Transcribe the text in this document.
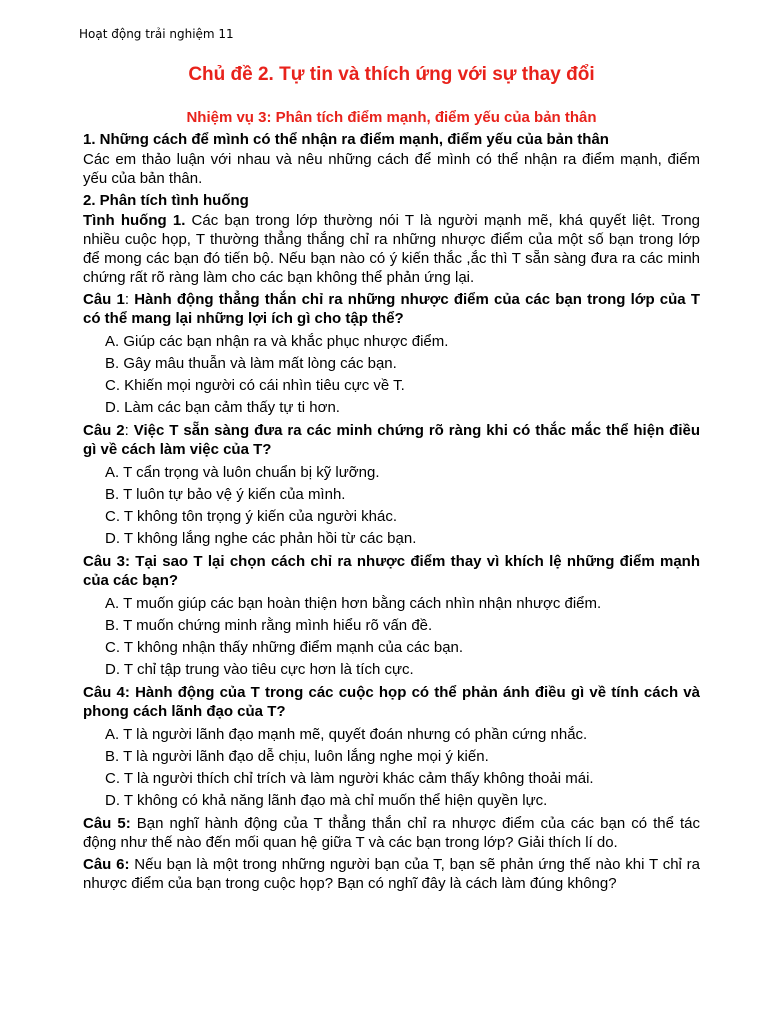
Hoạt động trải nghiệm 11
Chủ đề 2. Tự tin và thích ứng với sự thay đổi
Nhiệm vụ 3: Phân tích điểm mạnh, điểm yếu của bản thân
1. Những cách để mình có thể nhận ra điểm mạnh, điểm yếu của bản thân
Các em thảo luận với nhau và nêu những cách để mình có thể nhận ra điểm mạnh, điểm yếu của bản thân.
2. Phân tích tình huống
Tình huống 1. Các bạn trong lớp thường nói T là người mạnh mẽ, khá quyết liệt. Trong nhiều cuộc họp, T thường thẳng thắng chỉ ra những nhược điểm của một số bạn trong lớp để mong các bạn đó tiến bộ. Nếu bạn nào có ý kiến thắc ,ắc thì T sẵn sàng đưa ra các minh chứng rất rõ ràng làm cho các bạn không thể phản ứng lại.
Câu 1: Hành động thẳng thắn chỉ ra những nhược điểm của các bạn trong lớp của T có thể mang lại những lợi ích gì cho tập thể?
A. Giúp các bạn nhận ra và khắc phục nhược điểm.
B. Gây mâu thuẫn và làm mất lòng các bạn.
C. Khiến mọi người có cái nhìn tiêu cực về T.
D. Làm các bạn cảm thấy tự ti hơn.
Câu 2: Việc T sẵn sàng đưa ra các minh chứng rõ ràng khi có thắc mắc thể hiện điều gì về cách làm việc của T?
A. T cẩn trọng và luôn chuẩn bị kỹ lưỡng.
B. T luôn tự bảo vệ ý kiến của mình.
C. T không tôn trọng ý kiến của người khác.
D. T không lắng nghe các phản hồi từ các bạn.
Câu 3: Tại sao T lại chọn cách chỉ ra nhược điểm thay vì khích lệ những điểm mạnh của các bạn?
A. T muốn giúp các bạn hoàn thiện hơn bằng cách nhìn nhận nhược điểm.
B. T muốn chứng minh rằng mình hiểu rõ vấn đề.
C. T không nhận thấy những điểm mạnh của các bạn.
D. T chỉ tập trung vào tiêu cực hơn là tích cực.
Câu 4: Hành động của T trong các cuộc họp có thể phản ánh điều gì về tính cách và phong cách lãnh đạo của T?
A. T là người lãnh đạo mạnh mẽ, quyết đoán nhưng có phần cứng nhắc.
B. T là người lãnh đạo dễ chịu, luôn lắng nghe mọi ý kiến.
C. T là người thích chỉ trích và làm người khác cảm thấy không thoải mái.
D. T không có khả năng lãnh đạo mà chỉ muốn thể hiện quyền lực.
Câu 5: Bạn nghĩ hành động của T thẳng thắn chỉ ra nhược điểm của các bạn có thể tác động như thế nào đến mối quan hệ giữa T và các bạn trong lớp? Giải thích lí do.
Câu 6: Nếu bạn là một trong những người bạn của T, bạn sẽ phản ứng thế nào khi T chỉ ra nhược điểm của bạn trong cuộc họp? Bạn có nghĩ đây là cách làm đúng không?
